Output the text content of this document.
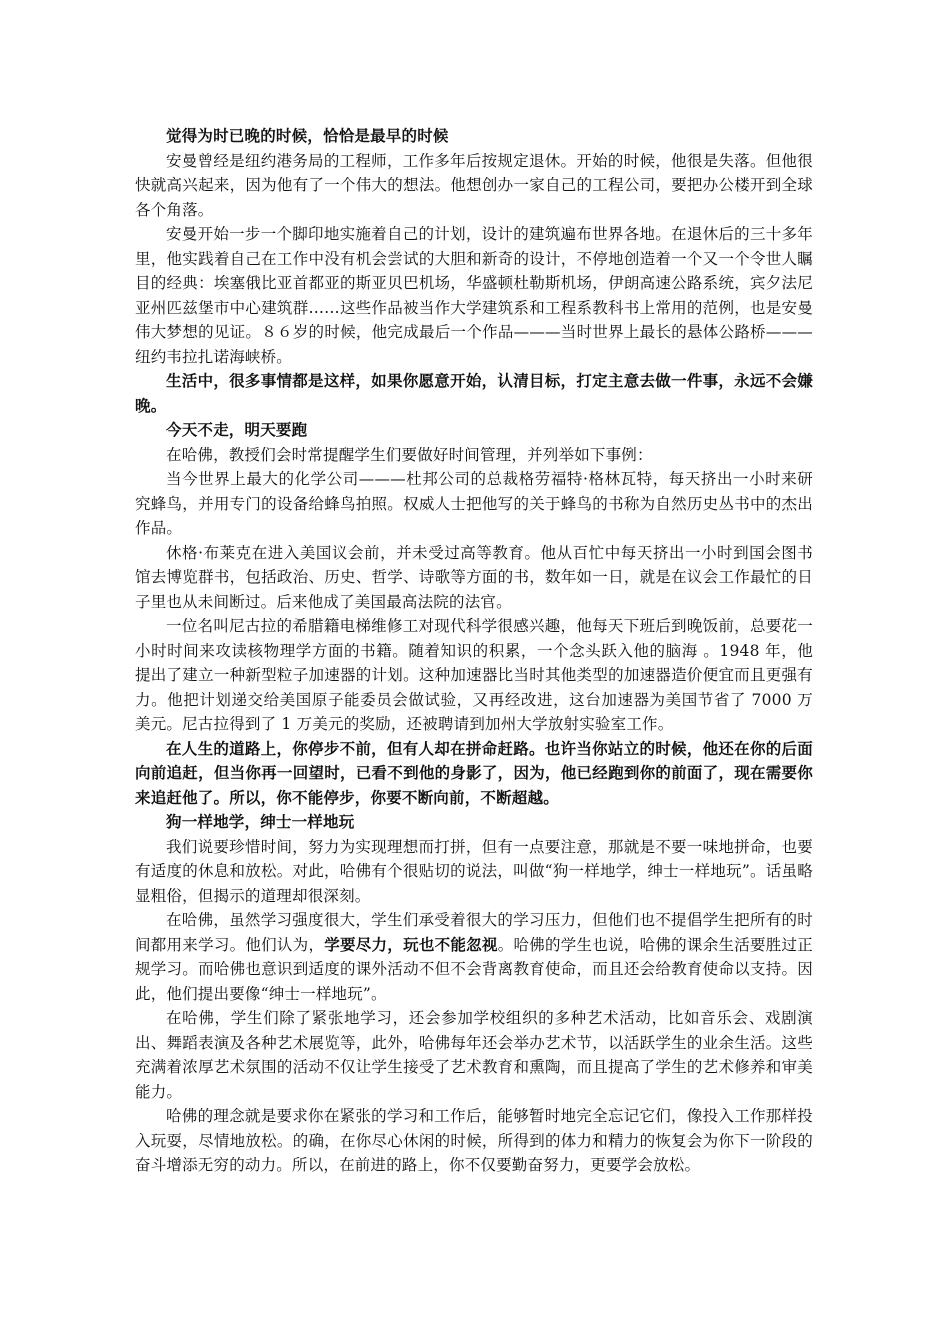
觉得为时已晚的时候，恰恰是最早的时候

安曼曾经是纽约港务局的工程师，工作多年后按规定退休。开始的时候，他很是失落。但他很快就高兴起来，因为他有了一个伟大的想法。他想创办一家自己的工程公司，要把办公楼开到全球各个角落。

安曼开始一步一个脚印地实施着自己的计划，设计的建筑遍布世界各地。在退休后的三十多年里，他实践着自己在工作中没有机会尝试的大胆和新奇的设计，不停地创造着一个又一个令世人瞩目的经典：埃塞俄比亚首都亚的斯亚贝巴机场，华盛顿杜勒斯机场，伊朗高速公路系统，宾夕法尼亚州匹兹堡市中心建筑群……这些作品被当作大学建筑系和工程系教科书上常用的范例，也是安曼伟大梦想的见证。８６岁的时候，他完成最后一个作品———当时世界上最长的悬体公路桥———纽约韦拉扎诺海峡桥。

生活中，很多事情都是这样，如果你愿意开始，认清目标，打定主意去做一件事，永远不会嫌晚。

今天不走，明天要跑

在哈佛，教授们会时常提醒学生们要做好时间管理，并列举如下事例：

当今世界上最大的化学公司———杜邦公司的总裁格劳福特·格林瓦特，每天挤出一小时来研究蜂鸟，并用专门的设备给蜂鸟拍照。权威人士把他写的关于蜂鸟的书称为自然历史丛书中的杰出作品。

休格·布莱克在进入美国议会前，并未受过高等教育。他从百忙中每天挤出一小时到国会图书馆去博览群书，包括政治、历史、哲学、诗歌等方面的书，数年如一日，就是在议会工作最忙的日子里也从未间断过。后来他成了美国最高法院的法官。

一位名叫尼古拉的希腊籍电梯维修工对现代科学很感兴趣，他每天下班后到晚饭前，总要花一小时时间来攻读核物理学方面的书籍。随着知识的积累，一个念头跃入他的脑海 。1948 年，他提出了建立一种新型粒子加速器的计划。这种加速器比当时其他类型的加速器造价便宜而且更强有力。他把计划递交给美国原子能委员会做试验，又再经改进，这台加速器为美国节省了 7000 万美元。尼古拉得到了 1 万美元的奖励，还被聘请到加州大学放射实验室工作。

在人生的道路上，你停步不前，但有人却在拼命赶路。也许当你站立的时候，他还在你的后面向前追赶，但当你再一回望时，已看不到他的身影了，因为，他已经跑到你的前面了，现在需要你来追赶他了。所以，你不能停步，你要不断向前，不断超越。

狗一样地学，绅士一样地玩

我们说要珍惜时间，努力为实现理想而打拼，但有一点要注意，那就是不要一味地拼命，也要有适度的休息和放松。对此，哈佛有个很贴切的说法，叫做“狗一样地学，绅士一样地玩”。话虽略显粗俗，但揭示的道理却很深刻。

在哈佛，虽然学习强度很大，学生们承受着很大的学习压力，但他们也不提倡学生把所有的时间都用来学习。他们认为，学要尽力，玩也不能忽视。哈佛的学生也说，哈佛的课余生活要胜过正规学习。而哈佛也意识到适度的课外活动不但不会背离教育使命，而且还会给教育使命以支持。因此，他们提出要像“绅士一样地玩”。

在哈佛，学生们除了紧张地学习，还会参加学校组织的多种艺术活动，比如音乐会、戏剧演出、舞蹈表演及各种艺术展览等，此外，哈佛每年还会举办艺术节，以活跃学生的业余生活。这些充满着浓厚艺术氛围的活动不仅让学生接受了艺术教育和熏陶，而且提高了学生的艺术修养和审美能力。

哈佛的理念就是要求你在紧张的学习和工作后，能够暂时地完全忘记它们，像投入工作那样投入玩耍，尽情地放松。的确，在你尽心休闲的时候，所得到的体力和精力的恢复会为你下一阶段的奋斗增添无穷的动力。所以，在前进的路上，你不仅要勤奋努力，更要学会放松。
